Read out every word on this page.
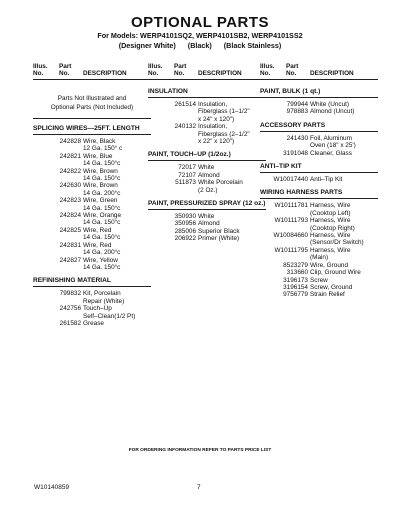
OPTIONAL PARTS
For Models: WERP4101SQ2, WERP4101SB2, WERP4101SS2
(Designer White) (Black) (Black Stainless)
Illus.
No.
Part
No.	DESCRIPTION
Parts Not Illustrated and
Optional Parts (Not Included)
SPLICING WIRES—25FT. LENGTH
242828 Wire, Black
12 Ga. 150° c
242821 Wire, Blue
14 Ga. 150°c
242822 Wire, Brown
14 Ga. 150°c
242630 Wire, Brown
14 Ga. 200°c
242823 Wire, Green
14 Ga. 150°c
242824 Wire, Orange
14 Ga. 150°c
242825 Wire, Red
14 Ga. 150°c
242831 Wire, Red
14 Ga. 200°c
242827 Wire, Yellow
14 Ga. 150°c
REFINISHING MATERIAL
799832 Kit, Porcelain
Repair (White)
242756 Touch–Up
Self–Clean(1/2 Pt)
261582 Grease
Illus.
No.
Part
No.	DESCRIPTION
INSULATION
261514 Insulation,
Fiberglass (1–1/2"
x 24" x 120")
240132 Insulation,
Fiberglass (2–1/2"
x 22" x 120")
PAINT, TOUCH–UP (1/2oz.)
72017 White
72107 Almond
511873 White Porcelain
(2 Oz.)
PAINT, PRESSURIZED SPRAY (12 oz.)
350930 White
350956 Almond
285006 Superior Black
206922 Primer (White)
Illus.
No.
Part
No.	DESCRIPTION
PAINT, BULK (1 qt.)
799944 White (Uncut)
978883 Almond (Uncut)
ACCESSORY PARTS
241430 Foil, Aluminum
Oven (18" x 25')
3191048 Cleaner, Glass
ANTI–TIP KIT
W10017440 Anti–Tip Kit
WIRING HARNESS PARTS
W10111781 Harness, Wire
(Cooktop Left)
W10111793 Harness, Wire
(Cooktop Right)
W10084660 Harness, Wire
(Sensor/Dr Switch)
W10111795 Harness, Wire
(Main)
8523279 Wire, Ground
313660 Clip, Ground Wire
3196173 Screw
3196154 Screw, Ground
9756779 Strain Relief
FOR ORDERING INFORMATION REFER TO PARTS PRICE LIST
W10140859	7
